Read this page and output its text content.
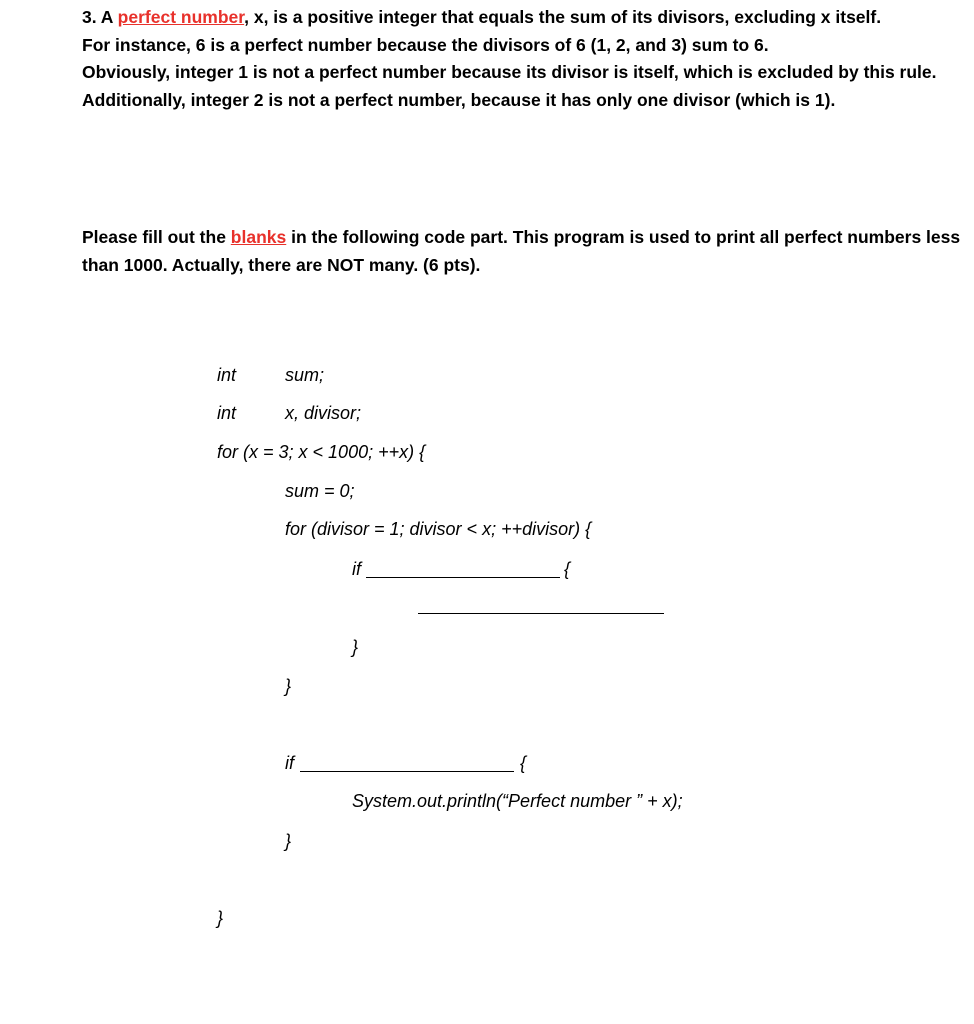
3. A perfect number, x, is a positive integer that equals the sum of its divisors, excluding x itself.

For instance, 6 is a perfect number because the divisors of 6 (1, 2, and 3) sum to 6.

Obviously, integer 1 is not a perfect number because its divisor is itself, which is excluded by this rule.

Additionally, integer 2 is not a perfect number, because it has only one divisor (which is 1).

Please fill out the blanks in the following code part. This program is used to print all perfect numbers less than 1000. Actually, there are NOT many. (6 pts).

int	sum;
int	x, divisor;
for (x = 3; x < 1000; ++x) {
sum = 0;
for (divisor = 1; divisor < x; ++divisor) {
if	{
}
}
if	{
System.out.println(“Perfect number ” + x);
}
}
